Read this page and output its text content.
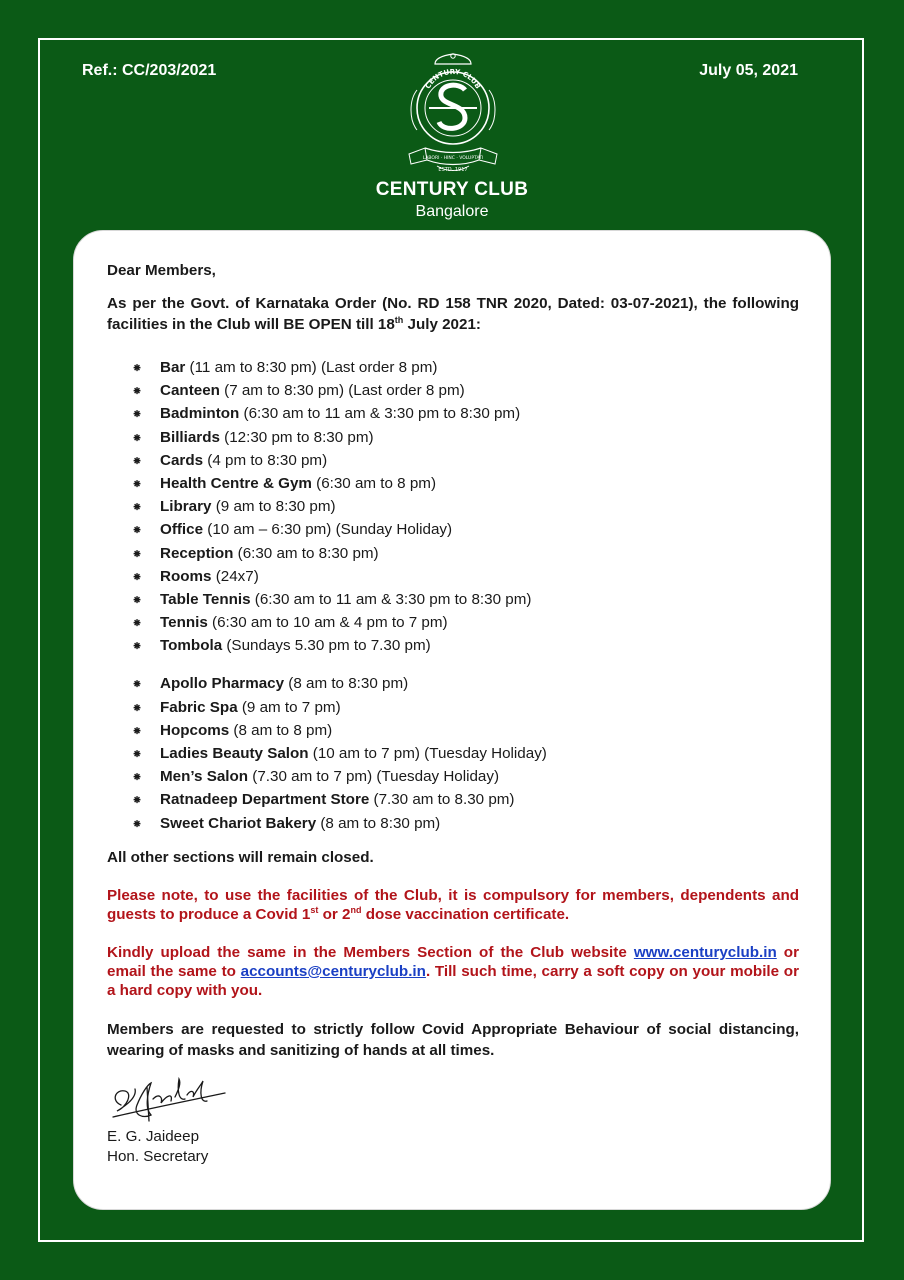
Ref.: CC/203/2021	July 05, 2021
CENTURY CLUB
LABORI · HINC · VOLUPTATI
ESTD. 1917
CENTURY CLUB
Bangalore

Dear Members,

As per the Govt. of Karnataka Order (No. RD 158 TNR 2020, Dated: 03-07-2021), the following facilities in the Club will BE OPEN till 18th July 2021:

⁕ Bar (11 am to 8:30 pm) (Last order 8 pm)
⁕ Canteen (7 am to 8:30 pm) (Last order 8 pm)
⁕ Badminton (6:30 am to 11 am & 3:30 pm to 8:30 pm)
⁕ Billiards (12:30 pm to 8:30 pm)
⁕ Cards (4 pm to 8:30 pm)
⁕ Health Centre & Gym (6:30 am to 8 pm)
⁕ Library (9 am to 8:30 pm)
⁕ Office (10 am – 6:30 pm) (Sunday Holiday)
⁕ Reception (6:30 am to 8:30 pm)
⁕ Rooms (24x7)
⁕ Table Tennis (6:30 am to 11 am & 3:30 pm to 8:30 pm)
⁕ Tennis (6:30 am to 10 am & 4 pm to 7 pm)
⁕ Tombola (Sundays 5.30 pm to 7.30 pm)
⁕ Apollo Pharmacy (8 am to 8:30 pm)
⁕ Fabric Spa (9 am to 7 pm)
⁕ Hopcoms (8 am to 8 pm)
⁕ Ladies Beauty Salon (10 am to 7 pm) (Tuesday Holiday)
⁕ Men’s Salon (7.30 am to 7 pm) (Tuesday Holiday)
⁕ Ratnadeep Department Store (7.30 am to 8.30 pm)
⁕ Sweet Chariot Bakery (8 am to 8:30 pm)

All other sections will remain closed.

Please note, to use the facilities of the Club, it is compulsory for members, dependents and guests to produce a Covid 1st or 2nd dose vaccination certificate.

Kindly upload the same in the Members Section of the Club website www.centuryclub.in or email the same to accounts@centuryclub.in. Till such time, carry a soft copy on your mobile or a hard copy with you.

Members are requested to strictly follow Covid Appropriate Behaviour of social distancing, wearing of masks and sanitizing of hands at all times.

E. G. Jaideep
Hon. Secretary
